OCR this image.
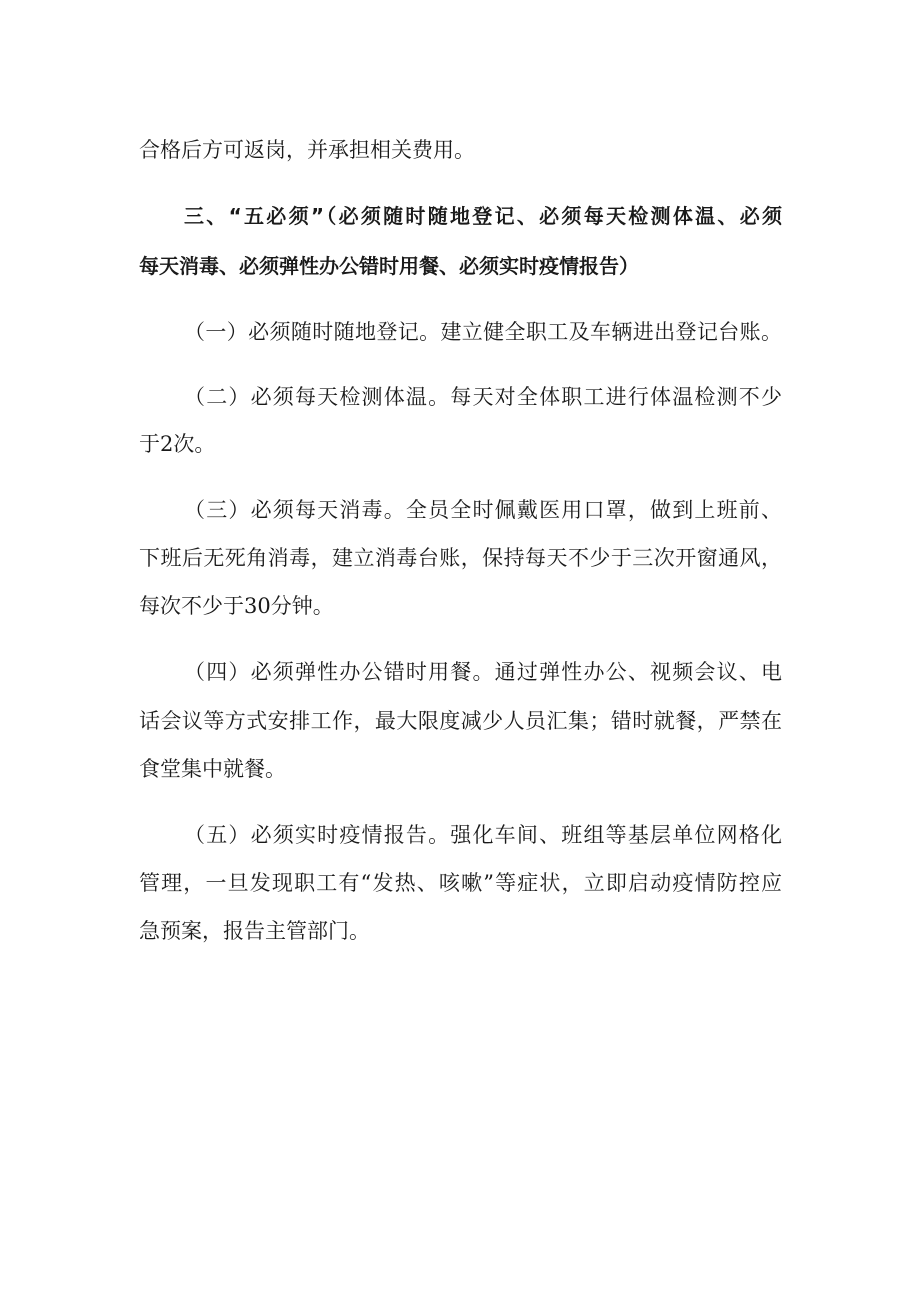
合格后方可返岗，并承担相关费用。
三、“五必须”（必须随时随地登记、必须每天检测体温、必须
每天消毒、必须弹性办公错时用餐、必须实时疫情报告）
（一）必须随时随地登记。建立健全职工及车辆进出登记台账。
（二）必须每天检测体温。每天对全体职工进行体温检测不少
于2次。
（三）必须每天消毒。全员全时佩戴医用口罩，做到上班前、
下班后无死角消毒，建立消毒台账，保持每天不少于三次开窗通风，
每次不少于30分钟。
（四）必须弹性办公错时用餐。通过弹性办公、视频会议、电
话会议等方式安排工作，最大限度减少人员汇集；错时就餐，严禁在
食堂集中就餐。
（五）必须实时疫情报告。强化车间、班组等基层单位网格化
管理，一旦发现职工有“发热、咳嗽”等症状，立即启动疫情防控应
急预案，报告主管部门。
